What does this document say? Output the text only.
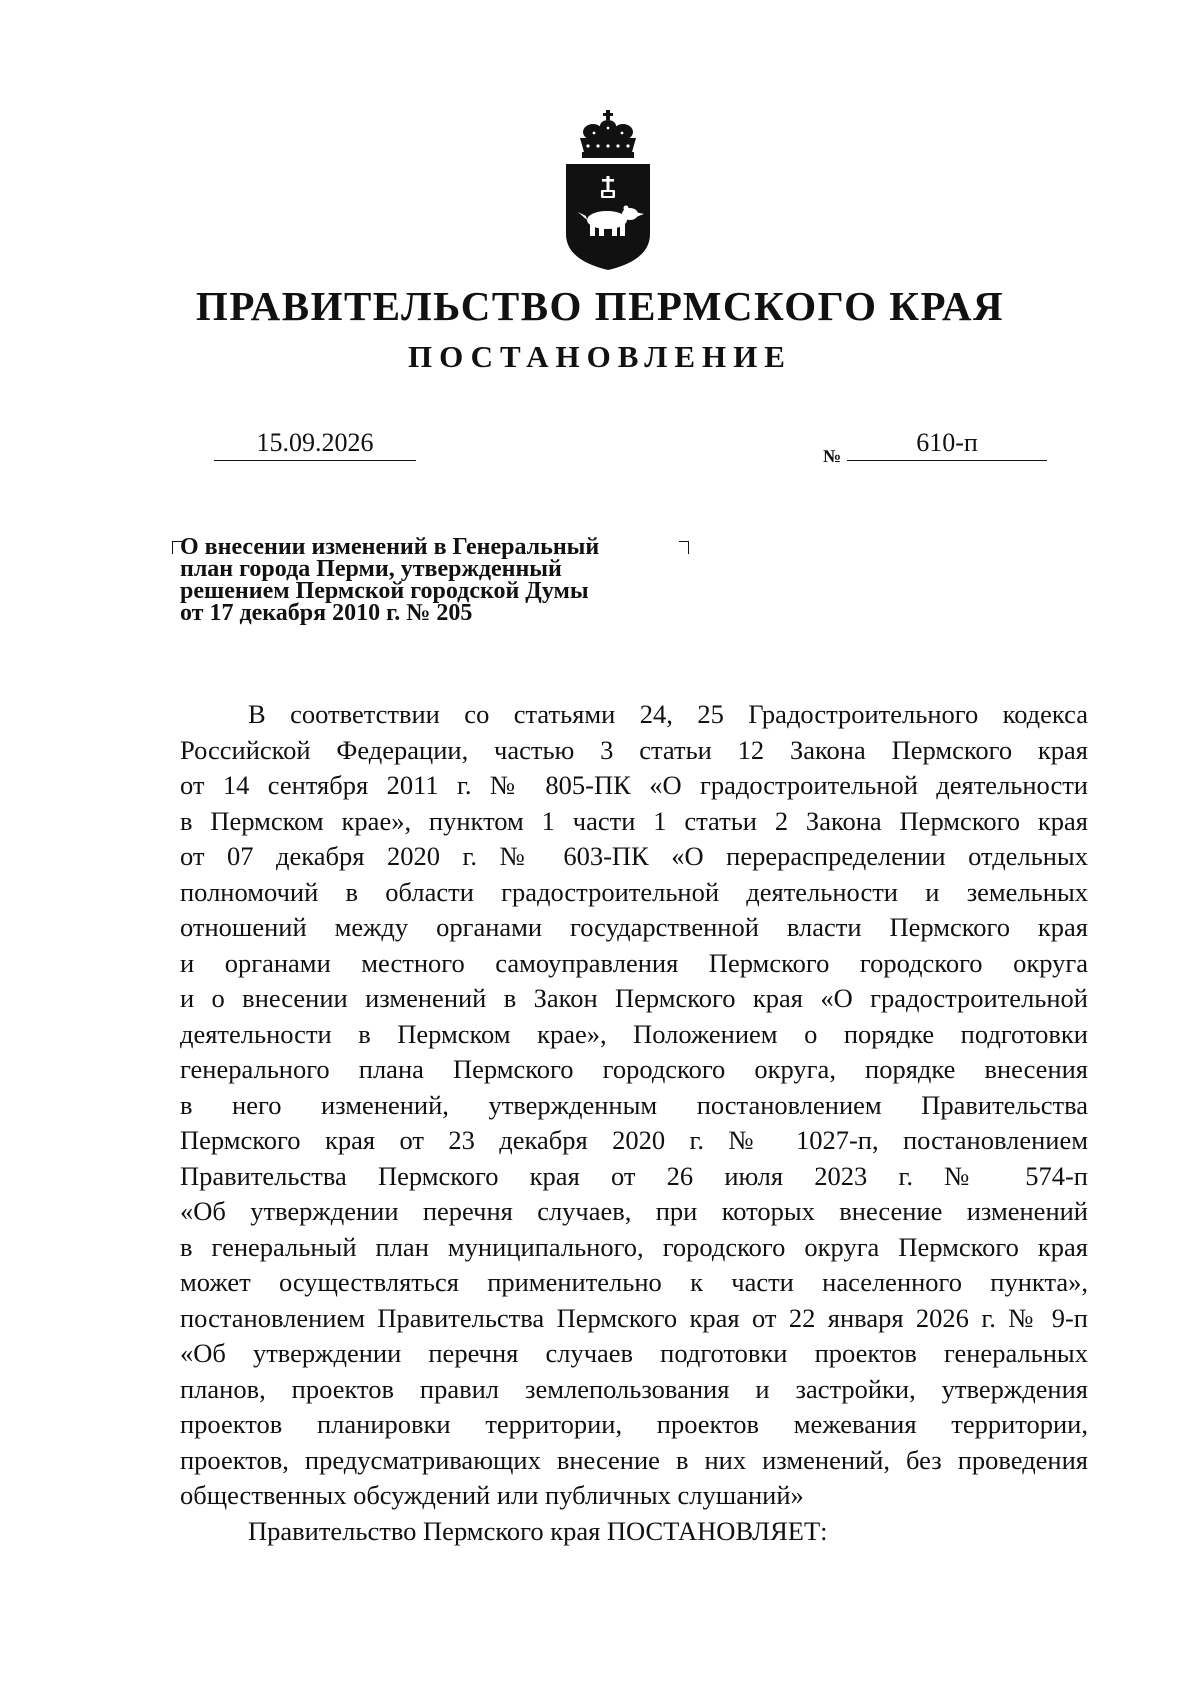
ПРАВИТЕЛЬСТВО ПЕРМСКОГО КРАЯ
ПОСТАНОВЛЕНИЕ
15.09.2026	№	610-п
О внесении изменений в Генеральный
план города Перми, утвержденный
решением Пермской городской Думы
от 17 декабря 2010 г. № 205
В соответствии со статьями 24, 25 Градостроительного кодекса
Российской Федерации, частью 3 статьи 12 Закона Пермского края
от 14 сентября 2011 г. № 805-ПК «О градостроительной деятельности
в Пермском крае», пунктом 1 части 1 статьи 2 Закона Пермского края
от 07 декабря 2020 г. № 603-ПК «О перераспределении отдельных
полномочий в области градостроительной деятельности и земельных
отношений между органами государственной власти Пермского края
и органами местного самоуправления Пермского городского округа
и о внесении изменений в Закон Пермского края «О градостроительной
деятельности в Пермском крае», Положением о порядке подготовки
генерального плана Пермского городского округа, порядке внесения
в него изменений, утвержденным постановлением Правительства
Пермского края от 23 декабря 2020 г. № 1027-п, постановлением
Правительства Пермского края от 26 июля 2023 г. № 574-п
«Об утверждении перечня случаев, при которых внесение изменений
в генеральный план муниципального, городского округа Пермского края
может осуществляться применительно к части населенного пункта»,
постановлением Правительства Пермского края от 22 января 2026 г. № 9-п
«Об утверждении перечня случаев подготовки проектов генеральных
планов, проектов правил землепользования и застройки, утверждения
проектов планировки территории, проектов межевания территории,
проектов, предусматривающих внесение в них изменений, без проведения
общественных обсуждений или публичных слушаний»
Правительство Пермского края ПОСТАНОВЛЯЕТ:
